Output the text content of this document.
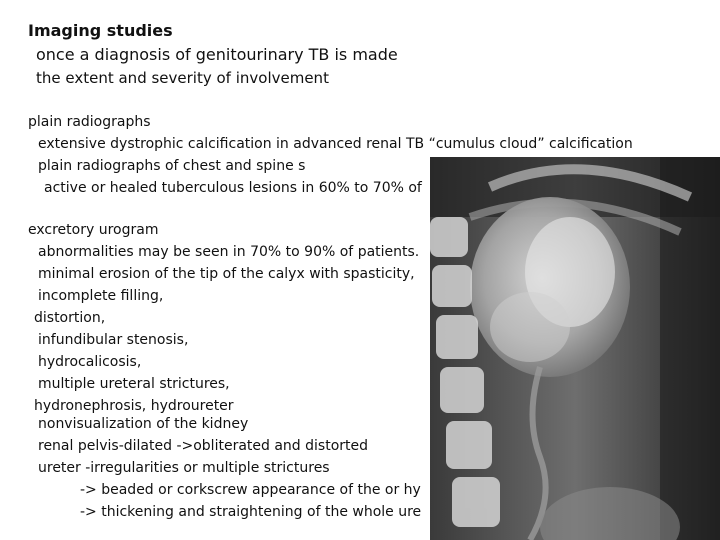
Imaging studies
once a diagnosis of genitourinary TB is made
the extent and severity of involvement
plain radiographs
extensive dystrophic calcification in advanced renal TB “cumulus cloud” calcification
plain radiographs of chest and spine s
active or healed tuberculous lesions in 60% to 70% of
excretory urogram
abnormalities may be seen in 70% to 90% of patients.
minimal erosion of the tip of the calyx with spasticity,
incomplete filling,
distortion,
infundibular stenosis,
hydrocalicosis,
multiple ureteral strictures,
hydronephrosis, hydroureter
nonvisualization of the kidney
renal pelvis-dilated ->obliterated and distorted
ureter -irregularities or multiple strictures
-> beaded or corkscrew appearance of the or hy
-> thickening and straightening of the whole ure
